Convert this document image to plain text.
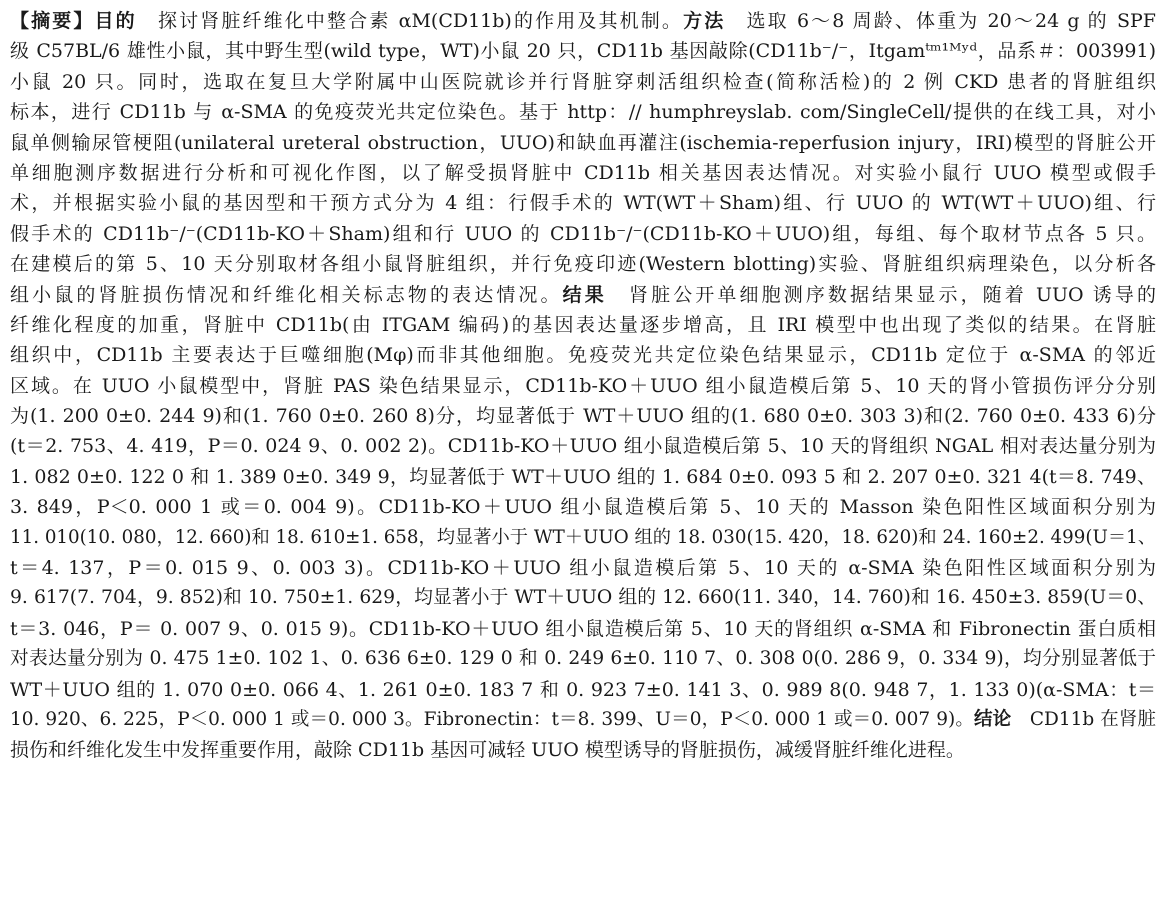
【摘要】目的　探讨肾脏纤维化中整合素 αM(CD11b)的作用及其机制。方法　选取 6～8 周龄、体重为 20～24 g 的 SPF
级 C57BL/6 雄性小鼠，其中野生型(wild type，WT)小鼠 20 只，CD11b 基因敲除(CD11b⁻/⁻，Itgamᵗᵐ¹ᴹʸᵈ，品系＃：003991)
小鼠 20 只。同时，选取在复旦大学附属中山医院就诊并行肾脏穿刺活组织检查(简称活检)的 2 例 CKD 患者的肾脏组织
标本，进行 CD11b 与 α-SMA 的免疫荧光共定位染色。基于 http：// humphreyslab. com/SingleCell/提供的在线工具，对小
鼠单侧输尿管梗阻(unilateral ureteral obstruction，UUO)和缺血再灌注(ischemia-reperfusion injury，IRI)模型的肾脏公开
单细胞测序数据进行分析和可视化作图，以了解受损肾脏中 CD11b 相关基因表达情况。对实验小鼠行 UUO 模型或假手
术，并根据实验小鼠的基因型和干预方式分为 4 组：行假手术的 WT(WT＋Sham)组、行 UUO 的 WT(WT＋UUO)组、行
假手术的 CD11b⁻/⁻(CD11b-KO＋Sham)组和行 UUO 的 CD11b⁻/⁻(CD11b-KO＋UUO)组，每组、每个取材节点各 5 只。
在建模后的第 5、10 天分别取材各组小鼠肾脏组织，并行免疫印迹(Western blotting)实验、肾脏组织病理染色，以分析各
组小鼠的肾脏损伤情况和纤维化相关标志物的表达情况。结果　肾脏公开单细胞测序数据结果显示，随着 UUO 诱导的
纤维化程度的加重，肾脏中 CD11b(由 ITGAM 编码)的基因表达量逐步增高，且 IRI 模型中也出现了类似的结果。在肾脏
组织中，CD11b 主要表达于巨噬细胞(Mφ)而非其他细胞。免疫荧光共定位染色结果显示，CD11b 定位于 α-SMA 的邻近
区域。在 UUO 小鼠模型中，肾脏 PAS 染色结果显示，CD11b-KO＋UUO 组小鼠造模后第 5、10 天的肾小管损伤评分分别
为(1. 200 0±0. 244 9)和(1. 760 0±0. 260 8)分，均显著低于 WT＋UUO 组的(1. 680 0±0. 303 3)和(2. 760 0±0. 433 6)分
(t＝2. 753、4. 419，P＝0. 024 9、0. 002 2)。CD11b-KO＋UUO 组小鼠造模后第 5、10 天的肾组织 NGAL 相对表达量分别为
1. 082 0±0. 122 0 和 1. 389 0±0. 349 9，均显著低于 WT＋UUO 组的 1. 684 0±0. 093 5 和 2. 207 0±0. 321 4(t＝8. 749、
3. 849，P＜0. 000 1 或＝0. 004 9)。CD11b-KO＋UUO 组小鼠造模后第 5、10 天的 Masson 染色阳性区域面积分别为
11. 010(10. 080，12. 660)和 18. 610±1. 658，均显著小于 WT＋UUO 组的 18. 030(15. 420，18. 620)和 24. 160±2. 499(U＝1、
t＝4. 137，P＝0. 015 9、0. 003 3)。CD11b-KO＋UUO 组小鼠造模后第 5、10 天的 α-SMA 染色阳性区域面积分别为
9. 617(7. 704，9. 852)和 10. 750±1. 629，均显著小于 WT＋UUO 组的 12. 660(11. 340，14. 760)和 16. 450±3. 859(U＝0、
t＝3. 046，P＝ 0. 007 9、0. 015 9)。CD11b-KO＋UUO 组小鼠造模后第 5、10 天的肾组织 α-SMA 和 Fibronectin 蛋白质相
对表达量分别为 0. 475 1±0. 102 1、0. 636 6±0. 129 0 和 0. 249 6±0. 110 7、0. 308 0(0. 286 9，0. 334 9)，均分别显著低于
WT＋UUO 组的 1. 070 0±0. 066 4、1. 261 0±0. 183 7 和 0. 923 7±0. 141 3、0. 989 8(0. 948 7，1. 133 0)(α-SMA：t＝
10. 920、6. 225，P＜0. 000 1 或＝0. 000 3。Fibronectin：t＝8. 399、U＝0，P＜0. 000 1 或＝0. 007 9)。结论　CD11b 在肾脏
损伤和纤维化发生中发挥重要作用，敲除 CD11b 基因可减轻 UUO 模型诱导的肾脏损伤，减缓肾脏纤维化进程。
